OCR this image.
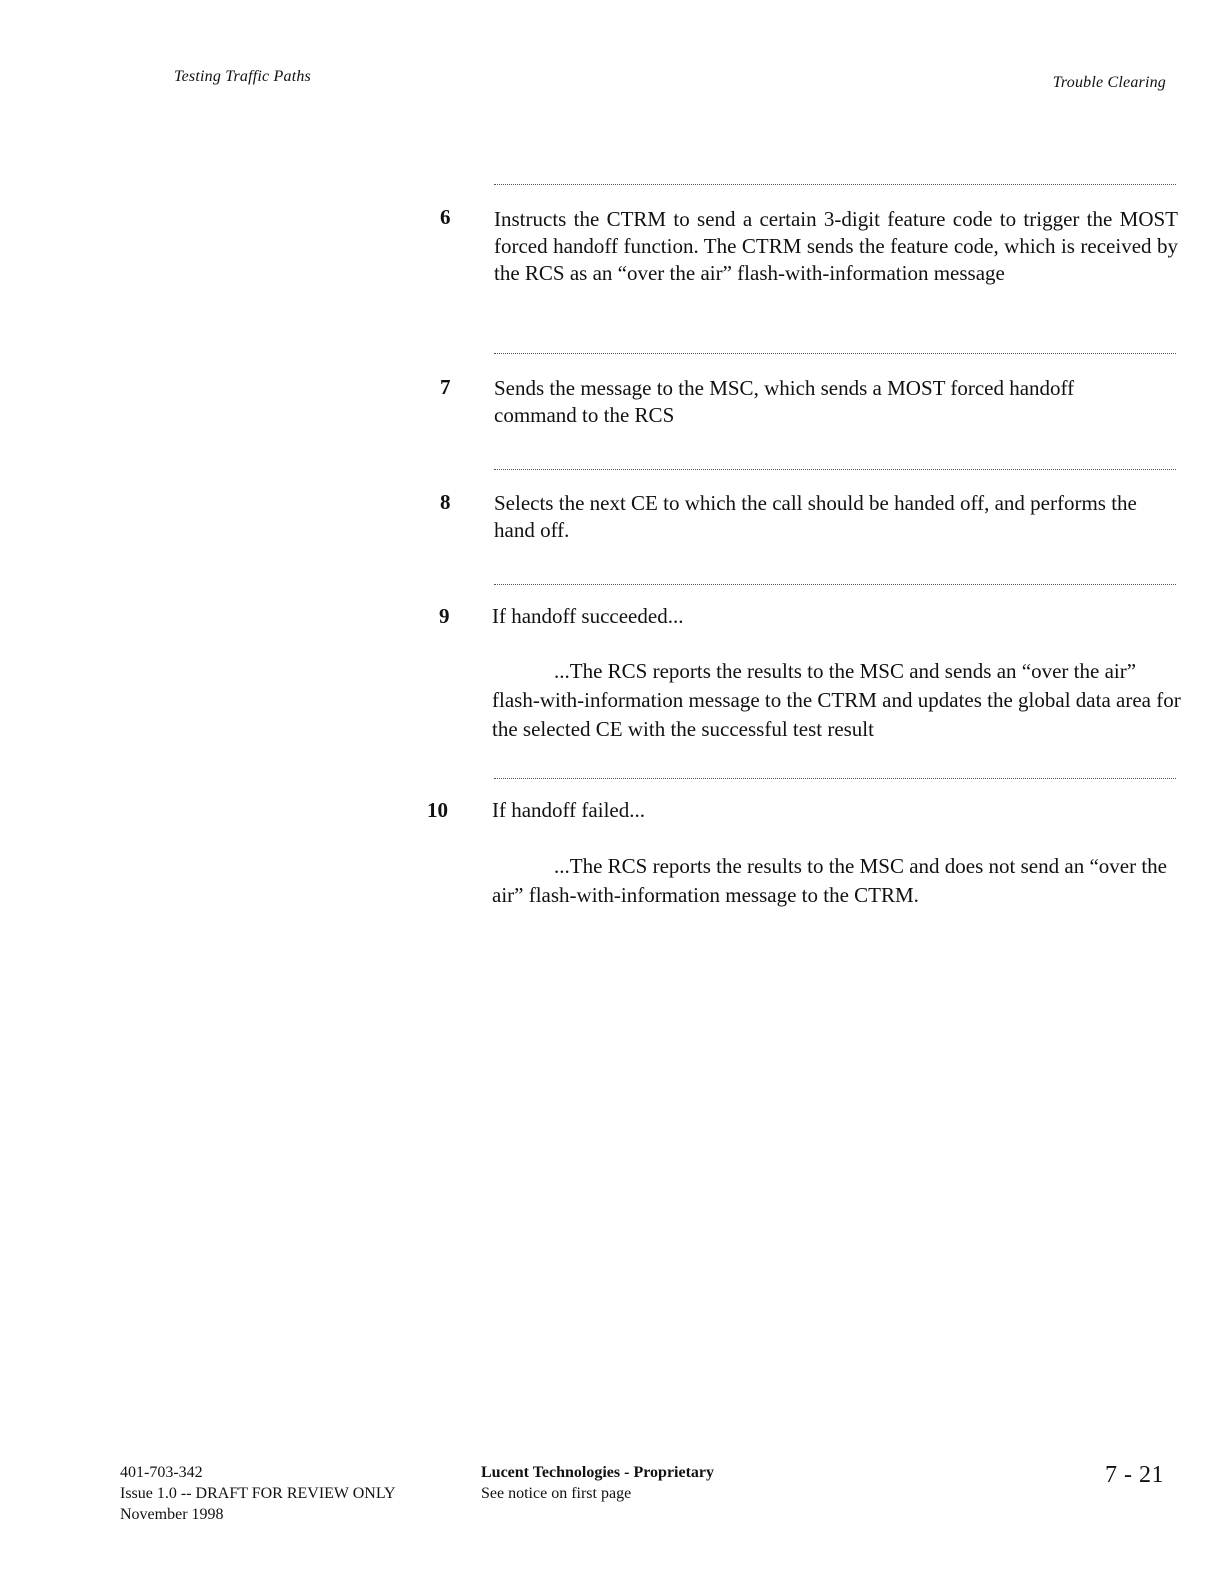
Testing Traffic Paths	Trouble Clearing
6 Instructs the CTRM to send a certain 3-digit feature code to trigger the MOST forced handoff function. The CTRM sends the feature code, which is received by the RCS as an “over the air” flash-with-information message
7 Sends the message to the MSC, which sends a MOST forced handoff command to the RCS
8 Selects the next CE to which the call should be handed off, and performs the hand off.
9 If handoff succeeded...
...The RCS reports the results to the MSC and sends an “over the air” flash-with-information message to the CTRM and updates the global data area for the selected CE with the successful test result
10 If handoff failed...
...The RCS reports the results to the MSC and does not send an “over the air” flash-with-information message to the CTRM.
401-703-342
Issue 1.0 -- DRAFT FOR REVIEW ONLY
November 1998
Lucent Technologies - Proprietary
See notice on first page
7 - 21
